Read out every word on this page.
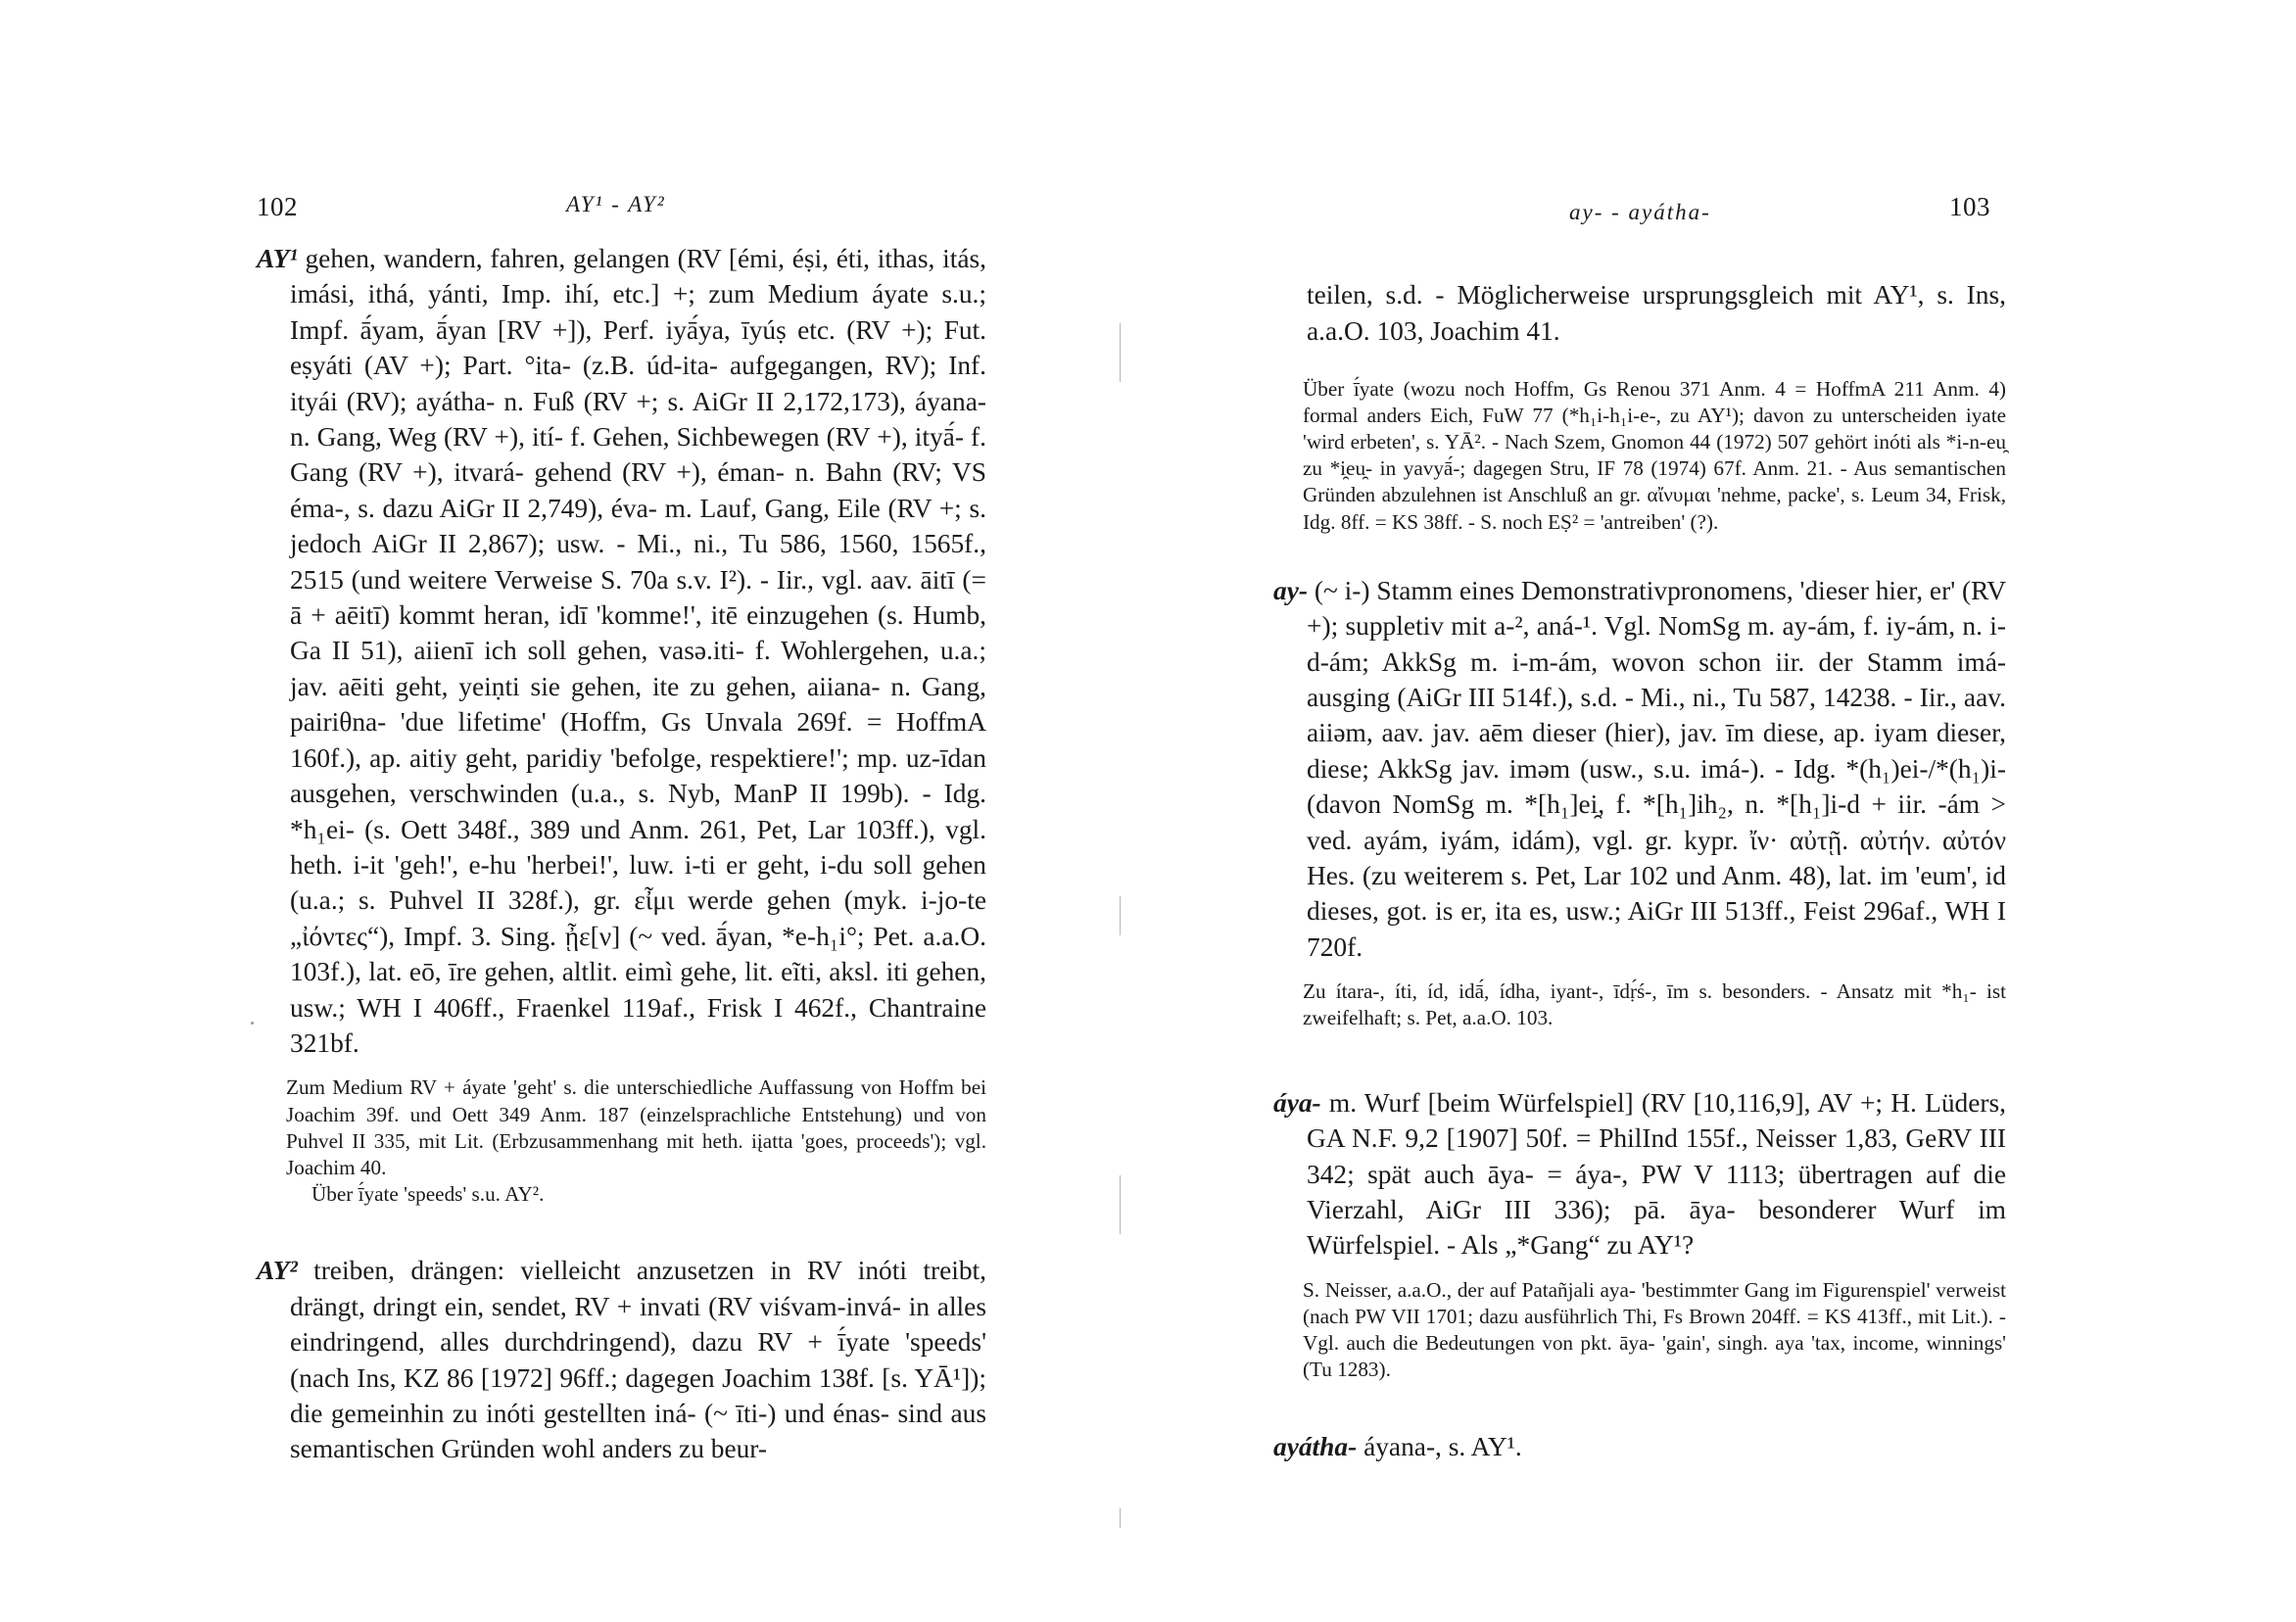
102	AY¹ - AY²

AY¹ gehen, wandern, fahren, gelangen (RV [émi, éṣi, éti, ithas, itás, imási, ithá, yánti, Imp. ihí, etc.] +; zum Medium áyate s.u.; Impf. ā́yam, ā́yan [RV +]), Perf. iyā́ya, īyúṣ etc. (RV +); Fut. eṣyáti (AV +); Part. °ita- (z.B. úd-ita- aufgegangen, RV); Inf. ityái (RV); ayátha- n. Fuß (RV +; s. AiGr II 2,172,173), áyana- n. Gang, Weg (RV +), ití- f. Gehen, Sichbewegen (RV +), ityā́- f. Gang (RV +), itvará- gehend (RV +), éman- n. Bahn (RV; VS éma-, s. dazu AiGr II 2,749), éva- m. Lauf, Gang, Eile (RV +; s. jedoch AiGr II 2,867); usw. - Mi., ni., Tu 586, 1560, 1565f., 2515 (und weitere Verweise S. 70a s.v. I²). - Iir., vgl. aav. āitī (= ā + aēitī) kommt heran, idī 'komme!', itē einzugehen (s. Humb, Ga II 51), aiienī ich soll gehen, vasә.iti- f. Wohlergehen, u.a.; jav. aēiti geht, yeiṇti sie gehen, ite zu gehen, aiiana- n. Gang, pairiθna- 'due lifetime' (Hoffm, Gs Unvala 269f. = HoffmA 160f.), ap. aitiy geht, paridiy 'befolge, respektiere!'; mp. uz-īdan ausgehen, verschwinden (u.a., s. Nyb, ManP II 199b). - Idg. *h₁ei- (s. Oett 348f., 389 und Anm. 261, Pet, Lar 103ff.), vgl. heth. i-it 'geh!', e-hu 'herbei!', luw. i-ti er geht, i-du soll gehen (u.a.; s. Puhvel II 328f.), gr. εἶμι werde gehen (myk. i-jo-te „ἰόντες“), Impf. 3. Sing. ᾖε[ν] (~ ved. ā́yan, *e-h₁i°; Pet. a.a.O. 103f.), lat. eō, īre gehen, altlit. eimì gehe, lit. eĩti, aksl. iti gehen, usw.; WH I 406ff., Fraenkel 119af., Frisk I 462f., Chantraine 321bf.

Zum Medium RV + áyate 'geht' s. die unterschiedliche Auffassung von Hoffm bei Joachim 39f. und Oett 349 Anm. 187 (einzelsprachliche Entstehung) und von Puhvel II 335, mit Lit. (Erbzusammenhang mit heth. iįatta 'goes, proceeds'); vgl. Joachim 40.

Über ī́yate 'speeds' s.u. AY².

AY² treiben, drängen: vielleicht anzusetzen in RV inóti treibt, drängt, dringt ein, sendet, RV + invati (RV viśvam-invá- in alles eindringend, alles durchdringend), dazu RV + ī́yate 'speeds' (nach Ins, KZ 86 [1972] 96ff.; dagegen Joachim 138f. [s. YĀ¹]); die gemeinhin zu inóti gestellten iná- (~ īti-) und énas- sind aus semantischen Gründen wohl anders zu beur-

ay- - ayátha-	103

teilen, s.d. - Möglicherweise ursprungsgleich mit AY¹, s. Ins, a.a.O. 103, Joachim 41.

Über ī́yate (wozu noch Hoffm, Gs Renou 371 Anm. 4 = HoffmA 211 Anm. 4) formal anders Eich, FuW 77 (*h₁i-h₁i-e-, zu AY¹); davon zu unterscheiden iyate 'wird erbeten', s. YĀ². - Nach Szem, Gnomon 44 (1972) 507 gehört inóti als *i-n-eu̯ zu *i̯eu̯- in yavyā́-; dagegen Stru, IF 78 (1974) 67f. Anm. 21. - Aus semantischen Gründen abzulehnen ist Anschluß an gr. αἴνυμαι 'nehme, packe', s. Leum 34, Frisk, Idg. 8ff. = KS 38ff. - S. noch EṢ² = 'antreiben' (?).

ay- (~ i-) Stamm eines Demonstrativpronomens, 'dieser hier, er' (RV +); suppletiv mit a-², aná-¹. Vgl. NomSg m. ay-ám, f. iy-ám, n. i-d-ám; AkkSg m. i-m-ám, wovon schon iir. der Stamm imá- ausging (AiGr III 514f.), s.d. - Mi., ni., Tu 587, 14238. - Iir., aav. aiiәm, aav. jav. aēm dieser (hier), jav. īm diese, ap. iyam dieser, diese; AkkSg jav. imәm (usw., s.u. imá-). - Idg. *(h₁)ei-/*(h₁)i- (davon NomSg m. *[h₁]ei̯, f. *[h₁]ih₂, n. *[h₁]i-d + iir. -ám > ved. ayám, iyám, idám), vgl. gr. kypr. ἴν· αὐτῇ. αὐτήν. αὐτόν Hes. (zu weiterem s. Pet, Lar 102 und Anm. 48), lat. im 'eum', id dieses, got. is er, ita es, usw.; AiGr III 513ff., Feist 296af., WH I 720f.

Zu ítara-, íti, íd, idā́, ídha, iyant-, īdṛ́ś-, īm s. besonders. - Ansatz mit *h₁- ist zweifelhaft; s. Pet, a.a.O. 103.

áya- m. Wurf [beim Würfelspiel] (RV [10,116,9], AV +; H. Lüders, GA N.F. 9,2 [1907] 50f. = PhilInd 155f., Neisser 1,83, GeRV III 342; spät auch āya- = áya-, PW V 1113; übertragen auf die Vierzahl, AiGr III 336); pā. āya- besonderer Wurf im Würfelspiel. - Als „*Gang“ zu AY¹?

S. Neisser, a.a.O., der auf Patañjali aya- 'bestimmter Gang im Figurenspiel' verweist (nach PW VII 1701; dazu ausführlich Thi, Fs Brown 204ff. = KS 413ff., mit Lit.). - Vgl. auch die Bedeutungen von pkt. āya- 'gain', singh. aya 'tax, income, winnings' (Tu 1283).

ayátha- áyana-, s. AY¹.
